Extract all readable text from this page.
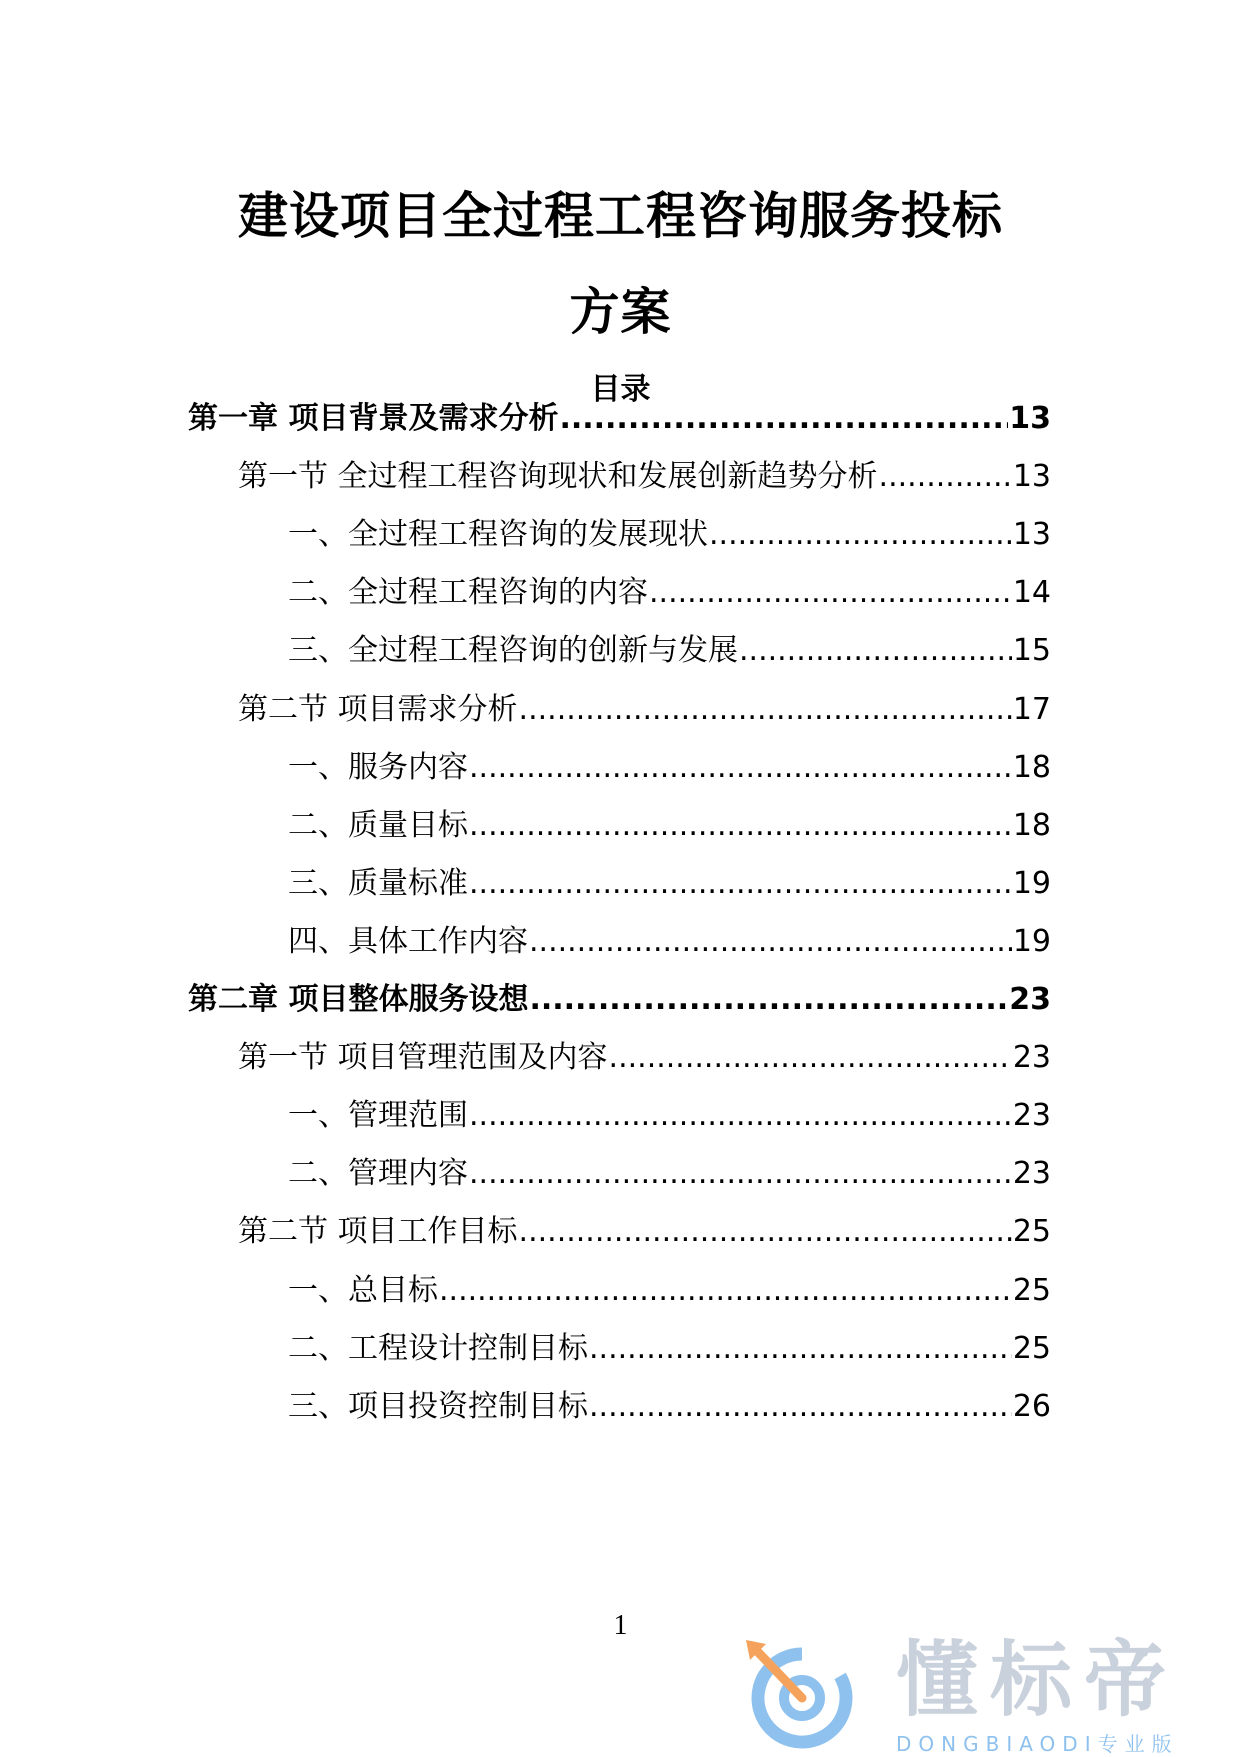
建设项目全过程工程咨询服务投标
方案
目录
第一章 项目背景及需求分析 .....	13
第一节 全过程工程咨询现状和发展创新趋势分析 .....	13
一、全过程工程咨询的发展现状 .....	13
二、全过程工程咨询的内容 .....	14
三、全过程工程咨询的创新与发展 .....	15
第二节 项目需求分析 .....	17
一、服务内容 .....	18
二、质量目标 .....	18
三、质量标准 .....	19
四、具体工作内容 .....	19
第二章 项目整体服务设想 .....	23
第一节 项目管理范围及内容 .....	23
一、管理范围 .....	23
二、管理内容 .....	23
第二节 项目工作目标 .....	25
一、总目标 .....	25
二、工程设计控制目标 .....	25
三、项目投资控制目标 .....	26
1
懂标帝
DONGBIAODI专业版
